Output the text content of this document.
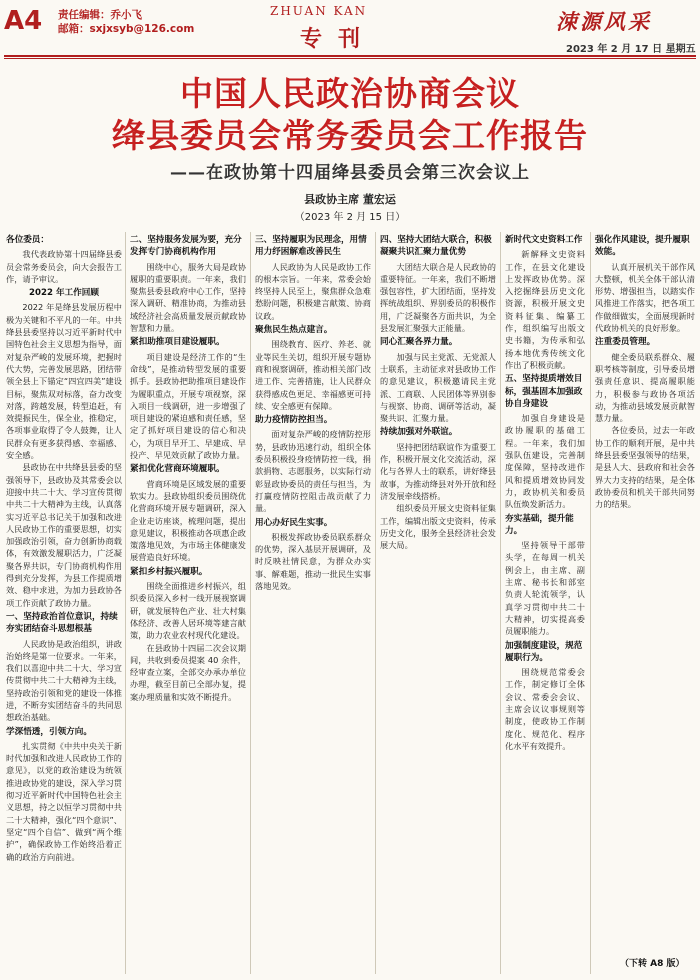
A4 责任编辑：乔小飞
邮箱：sxjxsyb@126.com
ZHUAN KAN
专刊
涑源风采
2023 年 2 月 17 日 星期五
中国人民政治协商会议
绛县委员会常务委员会工作报告
——在政协第十四届绛县委员会第三次会议上
县政协主席 董宏运
（2023 年 2 月 15 日）
各位委员：

我代表政协第十四届绛县委员会常务委员会，向大会报告工作，请予审议。

2022 年工作回顾

2022 年是绛县发展历程中极为关键和不平凡的一年。中共绛县县委坚持以习近平新时代中国特色社会主义思想为指导，面对复杂严峻的发展环境，把握时代大势，完善发展思路，团结带领全县上下锚定“四宜四美”建设目标，聚焦双对标落，奋力改变对落，跨越发展，转型追赶，有效提振民生，保全业，推稳定，各项事业取得了令人鼓舞，让人民群众有更多获得感、幸福感、安全感。

县政协在中共绛县县委的坚强领导下，县政协及其常委会以迎接中共二十大、学习宣传贯彻中共二十大精神为主线，认真落实习近平总书记关于加强和改进人民政协工作的重要思想，切实加强政治引领，奋力创新协商载体，有效激发履职活力，广泛凝聚各界共识，专门协商机构作用得到充分发挥，为县工作提质增效、稳中求进，为加力县政协各项工作贡献了政协力量。

一、坚持政治首位意识，持续夯实团结奋斗思想根基

人民政协是政治组织，讲政治始终是第一位要求。一年来，我们以喜迎中共二十大、学习宣传贯彻中共二十大精神为主线，坚持政治引领和党的建设一体推进，不断夯实团结奋斗的共同思想政治基础。

学深悟透，引领方向。

扎实贯彻《中共中央关于新时代加强和改进人民政协工作的意见》，以党的政治建设为统领推进政协党的建设，深入学习贯彻习近平新时代中国特色社会主义思想，持之以恒学习贯彻中共二十大精神，强化“四个意识”、坚定“四个自信”、做到“两个维护”，确保政协工作始终沿着正确的政治方向前进。

二、坚持服务发展为要，充分发挥专门协商机构作用

围绕中心，服务大局是政协履职的重要职责。一年来，我们聚焦县委县政府中心工作，坚持深入调研、精准协商，为推动县域经济社会高质量发展贡献政协智慧和力量。

紧扣助推项目建设履职。

项目建设是经济工作的“生命线”，是推动转型发展的重要抓手。县政协把助推项目建设作为履职重点，开展专项视察，深入项目一线调研，进一步增强了项目建设的紧迫感和责任感，坚定了抓好项目建设的信心和决心，为项目早开工、早建成、早投产、早见效贡献了政协力量。

紧扣优化营商环境履职。

营商环境是区域发展的重要软实力。县政协组织委员围绕优化营商环境开展专题调研，深入企业走访座谈，梳理问题，提出意见建议，积极推动各项惠企政策落地见效，为市场主体健康发展营造良好环境。

紧扣乡村振兴履职。

围绕全面推进乡村振兴，组织委员深入乡村一线开展视察调研，就发展特色产业、壮大村集体经济、改善人居环境等建言献策，助力农业农村现代化建设。

在县政协十四届二次会议期间，共收到委员提案 40 余件，经审查立案，全部交办承办单位办理，截至目前已全部办复，提案办理质量和实效不断提升。

三、坚持履职为民理念，用情用力纾困解难改善民生

人民政协为人民是政协工作的根本宗旨。一年来，常委会始终坚持人民至上，聚焦群众急难愁盼问题，积极建言献策、协商议政。

聚焦民生热点建言。

围绕教育、医疗、养老、就业等民生关切，组织开展专题协商和视察调研，推动相关部门改进工作、完善措施，让人民群众获得感成色更足、幸福感更可持续、安全感更有保障。

助力疫情防控担当。

面对复杂严峻的疫情防控形势，县政协迅速行动，组织全体委员积极投身疫情防控一线，捐款捐物、志愿服务，以实际行动彰显政协委员的责任与担当，为打赢疫情防控阻击战贡献了力量。

用心办好民生实事。

积极发挥政协委员联系群众的优势，深入基层开展调研，及时反映社情民意，为群众办实事、解难题，推动一批民生实事落地见效。

四、坚持大团结大联合，积极凝聚共识汇聚力量优势

大团结大联合是人民政协的重要特征。一年来，我们不断增强包容性，扩大团结面，坚持发挥统战组织、界别委员的积极作用，广泛凝聚各方面共识，为全县发展汇聚强大正能量。

同心汇聚各界力量。

加强与民主党派、无党派人士联系，主动征求对县政协工作的意见建议，积极邀请民主党派、工商联、人民团体等界别参与视察、协商、调研等活动，凝聚共识、汇聚力量。

持续加强对外联谊。

坚持把团结联谊作为重要工作，积极开展文化交流活动，深化与各界人士的联系，讲好绛县故事，为推动绛县对外开放和经济发展牵线搭桥。

组织委员开展文史资料征集工作，编辑出版文史资料，传承历史文化，服务全县经济社会发展大局。

新时代文史资料工作

新解释文史资料工作，在县文化建设上发挥政协优势。深入挖掘绛县历史文化资源，积极开展文史资料征集、编纂工作，组织编写出版文史书籍，为传承和弘扬本地优秀传统文化作出了积极贡献。

五、坚持提质增效目标，强基固本加强政协自身建设

加强自身建设是政协履职的基础工程。一年来，我们加强队伍建设，完善制度保障，坚持改进作风和提质增效协同发力，政协机关和委员队伍焕发新活力。

夯实基础，提升能力。

坚持领导干部带头学，在每周一机关例会上，由主席、副主席、秘书长和部室负责人轮流领学，认真学习贯彻中共二十大精神，切实提高委员履职能力。

加强制度建设，规范履职行为。

围绕规范常委会工作，制定修订全体会议、常委会会议、主席会议议事规则等制度，使政协工作制度化、规范化、程序化水平有效提升。

强化作风建设，提升履职效能。

认真开展机关干部作风大整顿，机关全体干部认清形势、增强担当，以踏实作风推进工作落实，把各项工作做细做实，全面展现新时代政协机关的良好形象。

注重委员管理。

健全委员联系群众、履职考核等制度，引导委员增强责任意识、提高履职能力，积极参与政协各项活动，为推动县域发展贡献智慧力量。

各位委员，过去一年政协工作的顺利开展，是中共绛县县委坚强领导的结果，是县人大、县政府和社会各界大力支持的结果，是全体政协委员和机关干部共同努力的结果。

（下转 A8 版）
